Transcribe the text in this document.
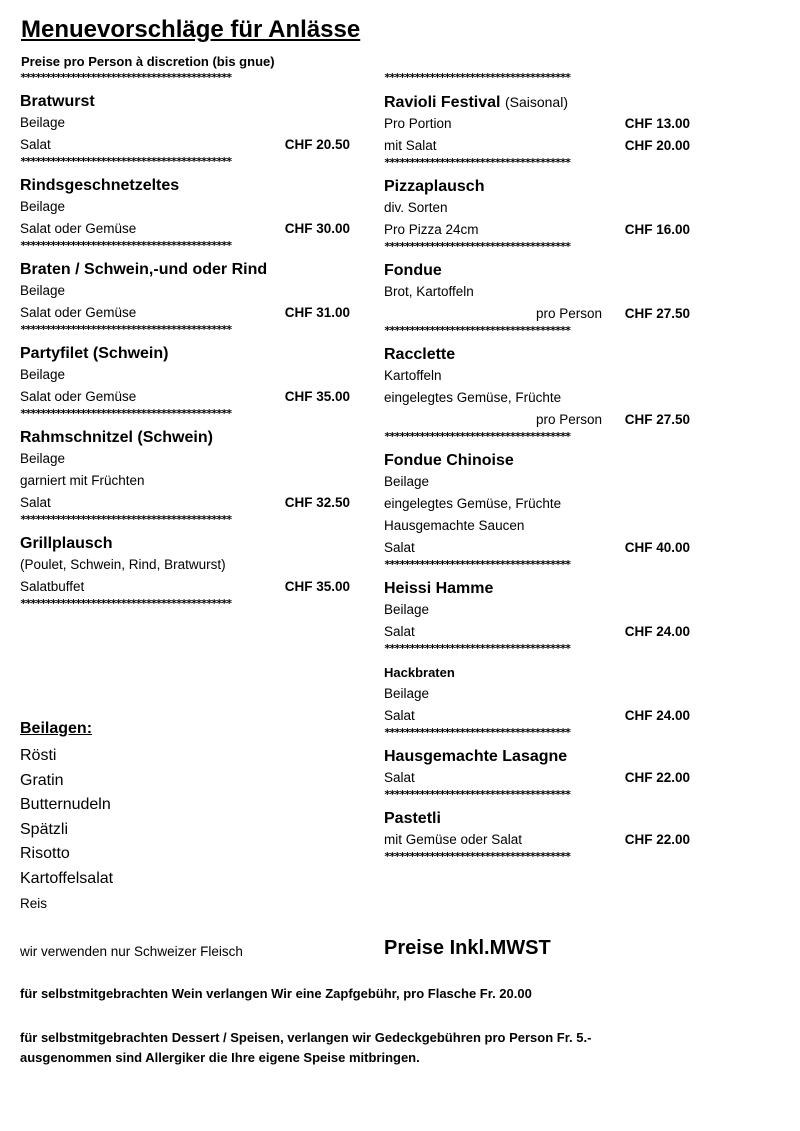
Menuevorschläge für Anlässe
Preise pro Person à discretion (bis gnue)
******************************************
Bratwurst
Beilage
Salat	CHF 20.50
******************************************
Rindsgeschnetzeltes
Beilage
Salat oder Gemüse	CHF 30.00
******************************************
Braten / Schwein,-und oder Rind
Beilage
Salat oder Gemüse	CHF 31.00
******************************************
Partyfilet (Schwein)
Beilage
Salat oder Gemüse	CHF 35.00
******************************************
Rahmschnitzel (Schwein)
Beilage
garniert mit Früchten
Salat	CHF 32.50
******************************************
Grillplausch
(Poulet, Schwein, Rind, Bratwurst)
Salatbuffet	CHF 35.00
******************************************
*************************************
Ravioli Festival (Saisonal)
Pro Portion	CHF 13.00
mit Salat	CHF 20.00
*************************************
Pizzaplausch
div. Sorten
Pro Pizza 24cm	CHF 16.00
*************************************
Fondue
Brot, Kartoffeln
pro Person CHF 27.50
*************************************
Racclette
Kartoffeln
eingelegtes Gemüse, Früchte
pro Person CHF 27.50
*************************************
Fondue Chinoise
Beilage
eingelegtes Gemüse, Früchte
Hausgemachte Saucen
Salat	CHF 40.00
*************************************
Heissi Hamme
Beilage
Salat	CHF 24.00
*************************************
Hackbraten
Beilage
Salat	CHF 24.00
*************************************
Hausgemachte Lasagne
Salat	CHF 22.00
*************************************
Pastetli
mit Gemüse oder Salat	CHF 22.00
*************************************
Beilagen:
Rösti
Gratin
Butternudeln
Spätzli
Risotto
Kartoffelsalat
Reis
wir verwenden nur Schweizer Fleisch	Preise Inkl.MWST
für selbstmitgebrachten Wein verlangen Wir eine Zapfgebühr, pro Flasche Fr. 20.00
für selbstmitgebrachten Dessert / Speisen, verlangen wir Gedeckgebühren pro Person Fr. 5.-
ausgenommen sind Allergiker die Ihre eigene Speise mitbringen.
